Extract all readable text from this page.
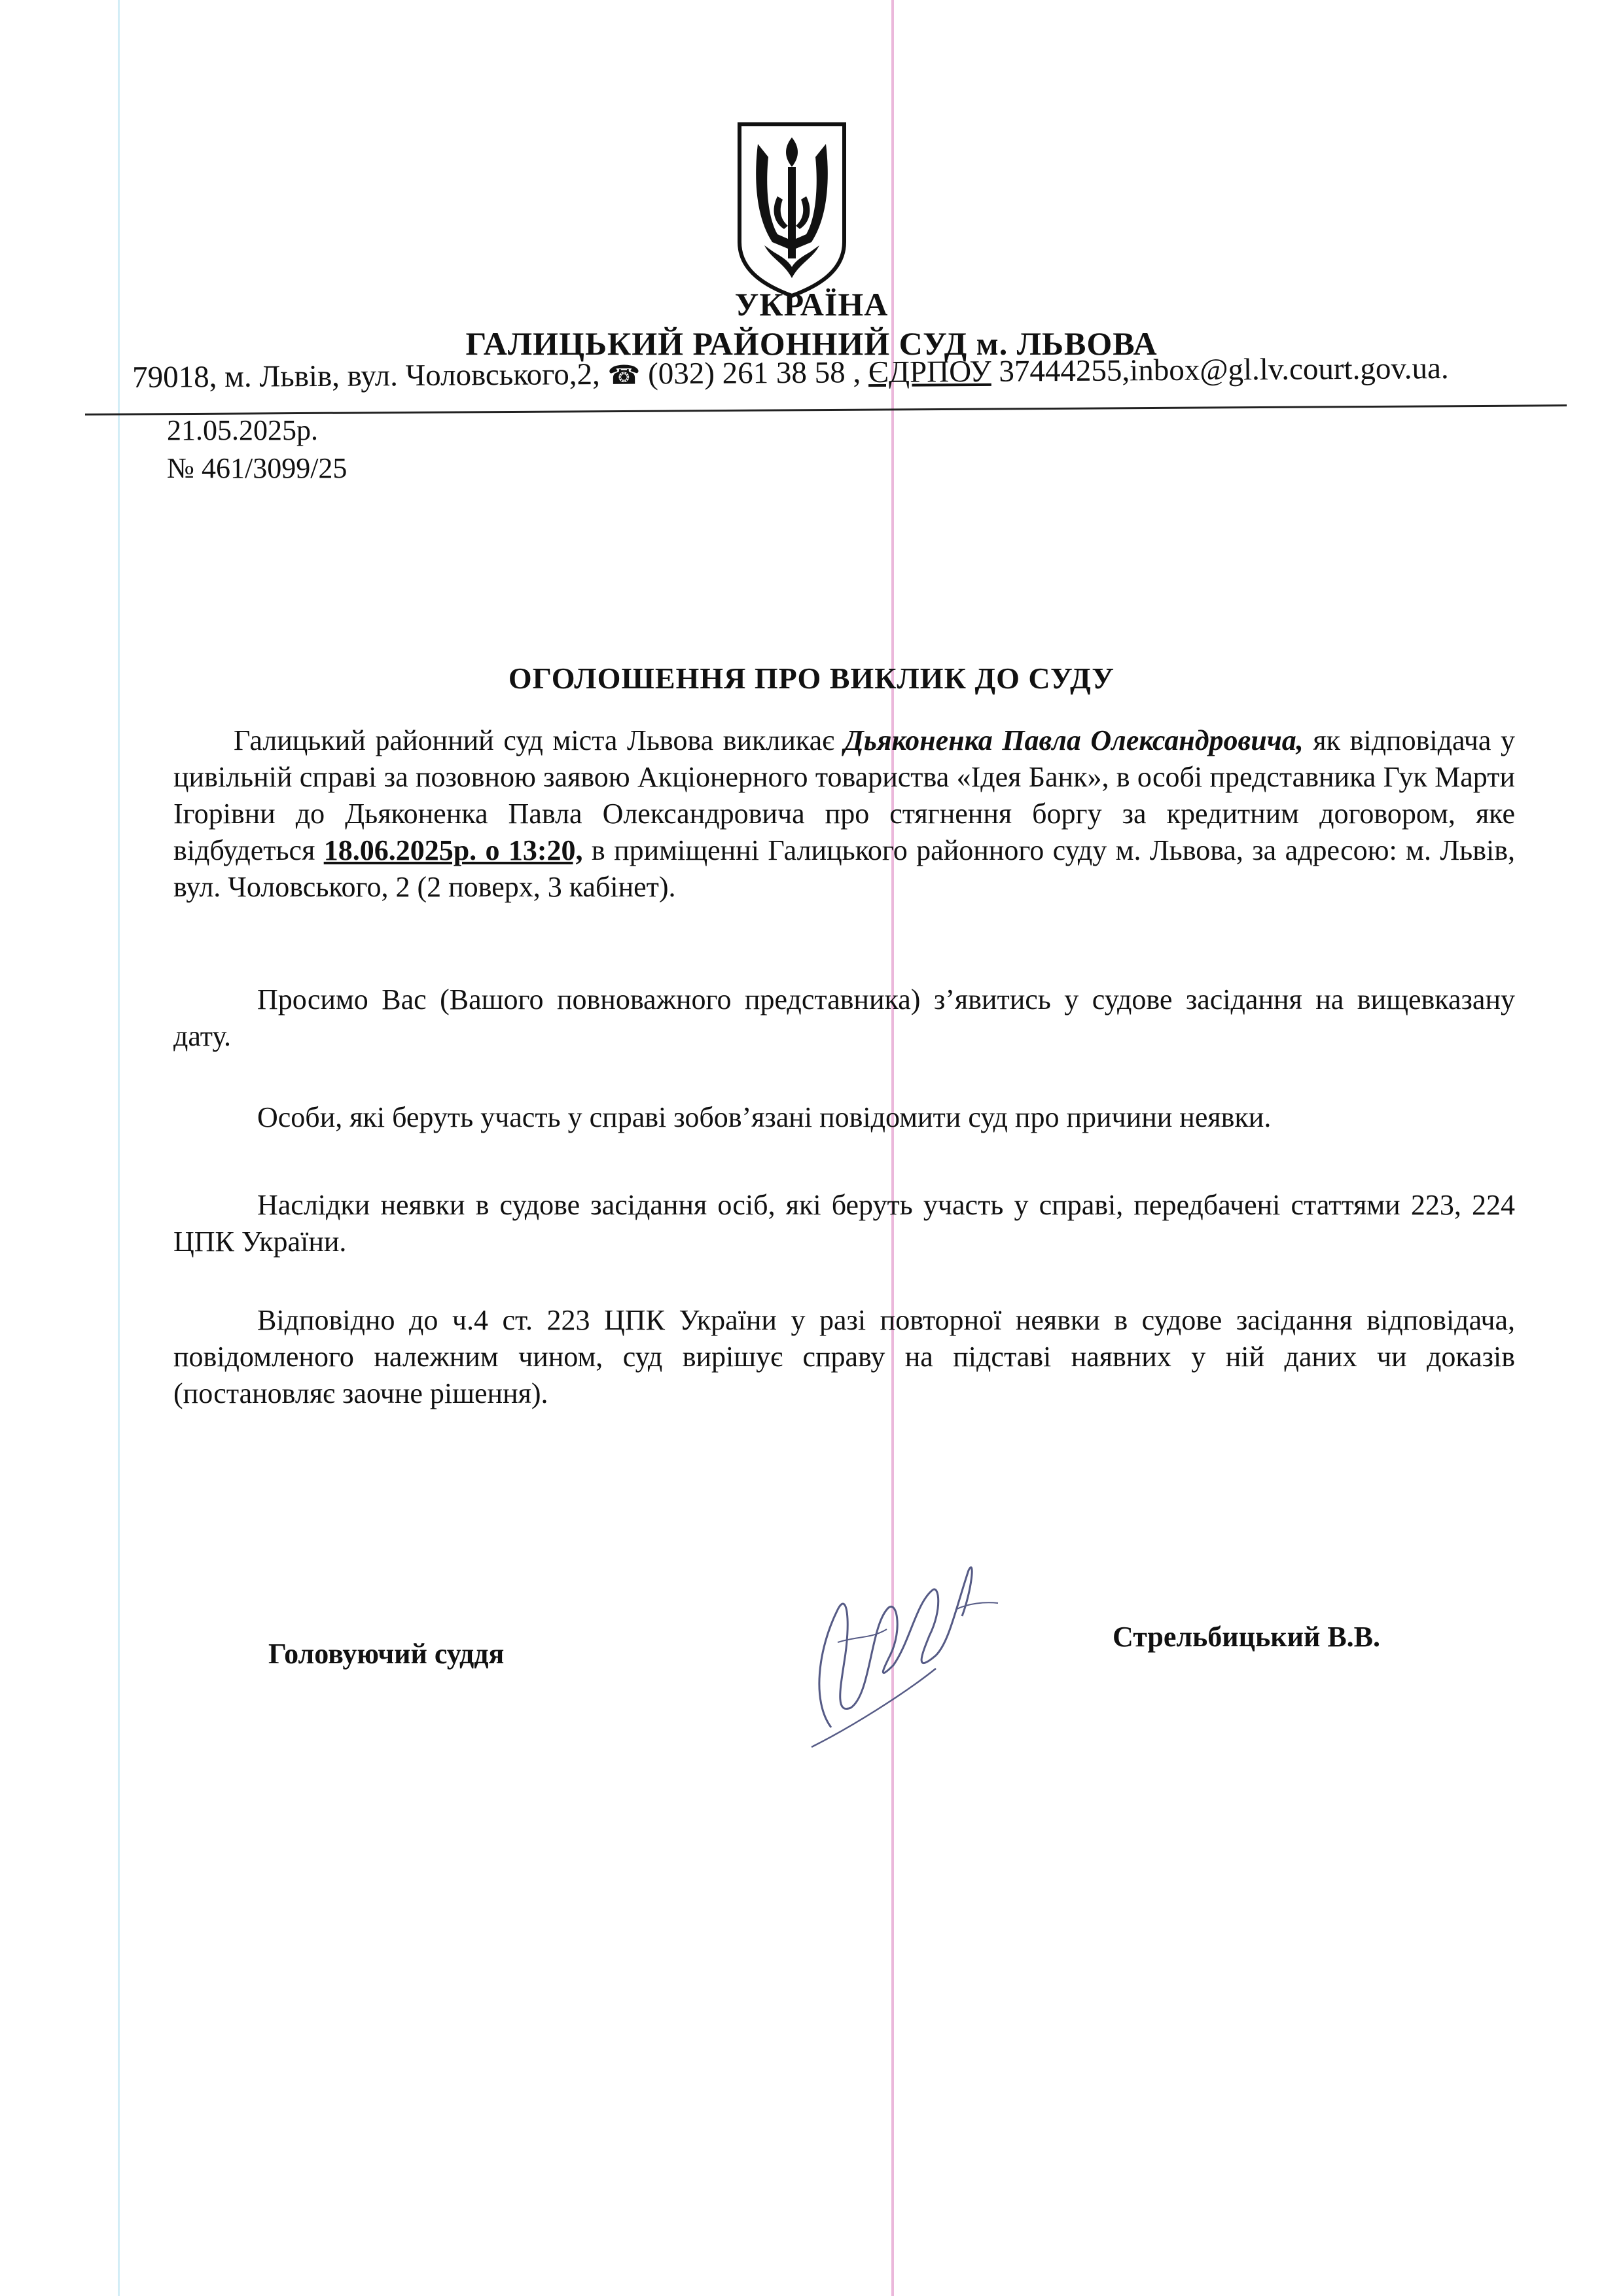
УКРАЇНА
ГАЛИЦЬКИЙ РАЙОННИЙ СУД м. ЛЬВОВА
79018, м. Львів, вул. Чоловського,2, ☎ (032) 261 38 58 , ЄДРПОУ 37444255,inbox@gl.lv.court.gov.ua.
21.05.2025р.
№ 461/3099/25
ОГОЛОШЕННЯ ПРО ВИКЛИК ДО СУДУ

Галицький районний суд міста Львова викликає Дьяконенка Павла Олександровича, як відповідача у цивільній справі за позовною заявою Акціонерного товариства «Ідея Банк», в особі представника Гук Марти Ігорівни до Дьяконенка Павла Олександровича про стягнення боргу за кредитним договором, яке відбудеться 18.06.2025р. о 13:20, в приміщенні Галицького районного суду м. Львова, за адресою: м. Львів, вул. Чоловського, 2 (2 поверх, 3 кабінет).

Просимо Вас (Вашого повноважного представника) з’явитись у судове засідання на вищевказану дату.

Особи, які беруть участь у справі зобов’язані повідомити суд про причини неявки.

Наслідки неявки в судове засідання осіб, які беруть участь у справі, передбачені статтями 223, 224 ЦПК України.

Відповідно до ч.4 ст. 223 ЦПК України у разі повторної неявки в судове засідання відповідача, повідомленого належним чином, суд вирішує справу на підставі наявних у ній даних чи доказів (постановляє заочне рішення).

Головуючий суддя
Стрельбицький В.В.
